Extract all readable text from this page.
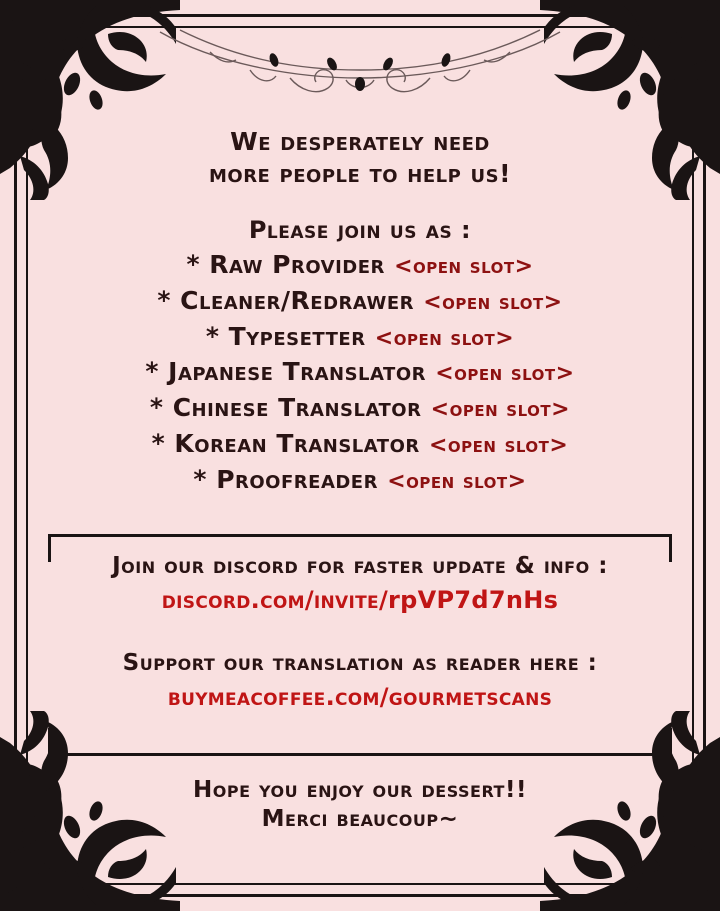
We desperately need
more people to help us!
Please join us as :
* Raw Provider <open slot>
* Cleaner/Redrawer <open slot>
* Typesetter <open slot>
* Japanese Translator <open slot>
* Chinese Translator <open slot>
* Korean Translator <open slot>
* Proofreader <open slot>
Join our discord for faster update & info :
discord.com/invite/rpVP7d7nHs
Support our translation as reader here :
buymeacoffee.com/gourmetscans
Hope you enjoy our dessert!!
Merci beaucoup~
